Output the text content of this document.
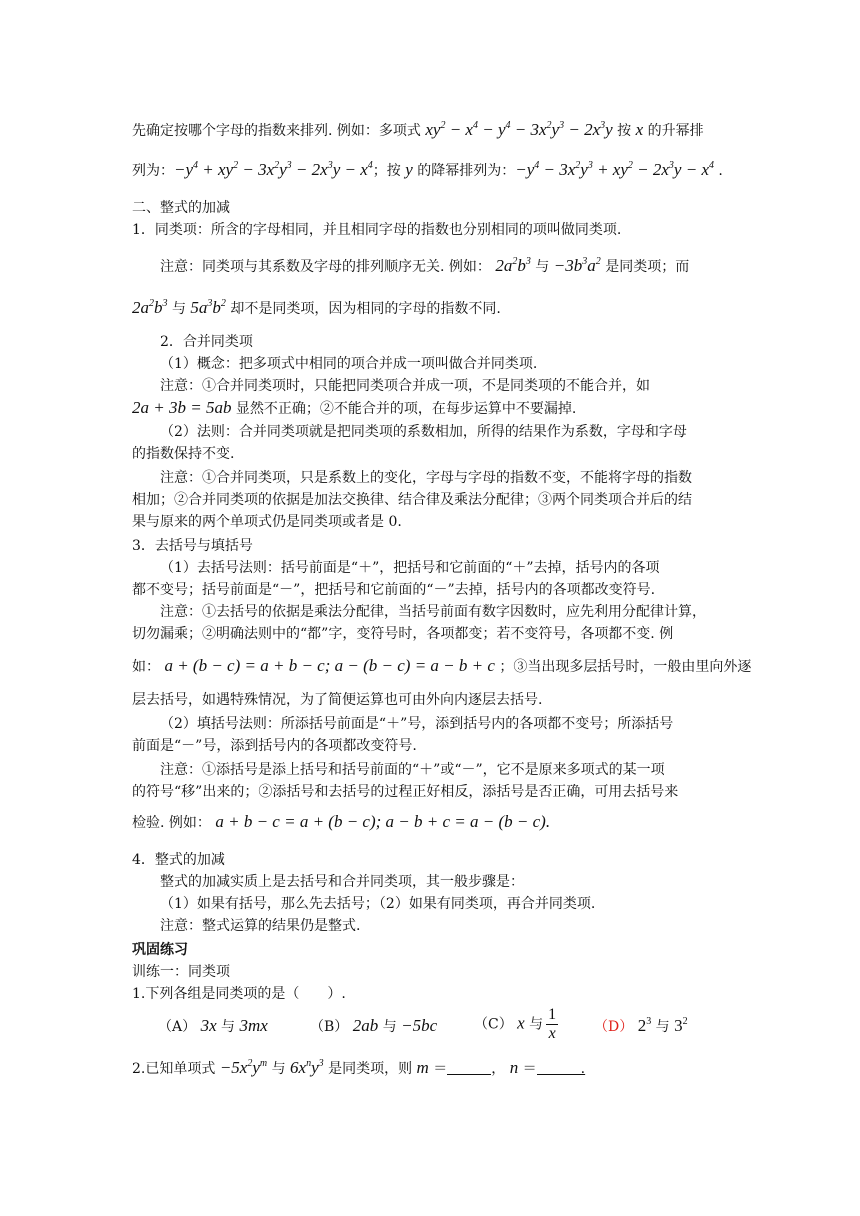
先确定按哪个字母的指数来排列. 例如：多项式 $xy^2 - x^4 - y^4 - 3x^2y^3 - 2x^3y$ 按 x 的升幂排
列为：$-y^4 + xy^2 - 3x^2y^3 - 2x^3y - x^4$；按 y 的降幂排列为：$-y^4 - 3x^2y^3 + xy^2 - 2x^3y - x^4$ .
二、整式的加减
1．同类项：所含的字母相同，并且相同字母的指数也分别相同的项叫做同类项.
注意：同类项与其系数及字母的排列顺序无关. 例如： $2a^2b^3$ 与 $-3b^3a^2$ 是同类项；而
$2a^2b^3$ 与 $5a^3b^2$ 却不是同类项，因为相同的字母的指数不同.
2．合并同类项
（1）概念：把多项式中相同的项合并成一项叫做合并同类项.
注意：①合并同类项时，只能把同类项合并成一项，不是同类项的不能合并，如
2a + 3b = 5ab 显然不正确；②不能合并的项，在每步运算中不要漏掉.
（2）法则：合并同类项就是把同类项的系数相加，所得的结果作为系数，字母和字母
的指数保持不变.
注意：①合并同类项，只是系数上的变化，字母与字母的指数不变，不能将字母的指数
相加；②合并同类项的依据是加法交换律、结合律及乘法分配律；③两个同类项合并后的结
果与原来的两个单项式仍是同类项或者是 0.
3．去括号与填括号
（1）去括号法则：括号前面是“＋”，把括号和它前面的“＋”去掉，括号内的各项
都不变号；括号前面是“－”，把括号和它前面的“－”去掉，括号内的各项都改变符号.
注意：①去括号的依据是乘法分配律，当括号前面有数字因数时，应先利用分配律计算，
切勿漏乘；②明确法则中的“都”字，变符号时，各项都变；若不变符号，各项都不变. 例
如： a + (b − c) = a + b − c; a − (b − c) = a − b + c ；③当出现多层括号时，一般由里向外逐
层去括号，如遇特殊情况，为了简便运算也可由外向内逐层去括号.
（2）填括号法则：所添括号前面是“＋”号，添到括号内的各项都不变号；所添括号
前面是“－”号，添到括号内的各项都改变符号.
注意：①添括号是添上括号和括号前面的“＋”或“－”，它不是原来多项式的某一项
的符号“移”出来的；②添括号和去括号的过程正好相反，添括号是否正确，可用去括号来
检验. 例如： a + b − c = a + (b − c); a − b + c = a − (b − c).
4．整式的加减
整式的加减实质上是去括号和合并同类项，其一般步骤是：
（1）如果有括号，那么先去括号；（2）如果有同类项，再合并同类项.
注意：整式运算的结果仍是整式.
巩固练习
训练一：同类项
1.下列各组是同类项的是（　　）.
（A） 3x 与 3mx	（B） 2ab 与 −5bc	（C） x 与 $\frac{1}{x}$	（D） $2^3$ 与 $3^2$
2.已知单项式 $-5x^2y^m$ 与 $6x^ny^3$ 是同类项，则 m ＝	， n ＝	.
